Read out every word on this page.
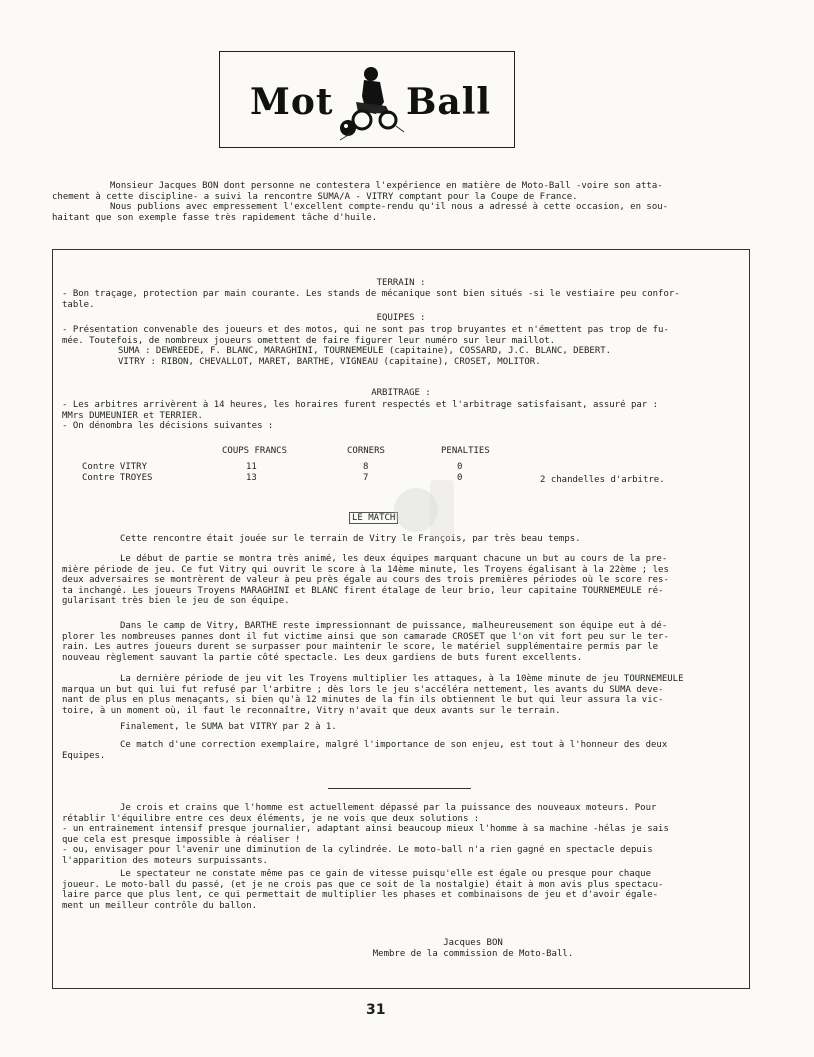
Mot Ball

Monsieur Jacques BON dont personne ne contestera l'expérience en matière de Moto-Ball -voire son atta-

chement à cette discipline- a suivi la rencontre SUMA/A - VITRY comptant pour la Coupe de France.

Nous publions avec empressement l'excellent compte-rendu qu'il nous a adressé à cette occasion, en sou-

haitant que son exemple fasse très rapidement tâche d'huile.

TERRAIN :

- Bon traçage, protection par main courante. Les stands de mécanique sont bien situés -si le vestiaire peu confor-

table.

EQUIPES :

- Présentation convenable des joueurs et des motos, qui ne sont pas trop bruyantes et n'émettent pas trop de fu-

mée. Toutefois, de nombreux joueurs omettent de faire figurer leur numéro sur leur maillot.

SUMA : DEWREEDE, F. BLANC, MARAGHINI, TOURNEMEULE (capitaine), COSSARD, J.C. BLANC, DEBERT.

VITRY : RIBON, CHEVALLOT, MARET, BARTHE, VIGNEAU (capitaine), CROSET, MOLITOR.

ARBITRAGE :

- Les arbitres arrivèrent à 14 heures, les horaires furent respectés et l'arbitrage satisfaisant, assuré par :

MMrs DUMEUNIER et TERRIER.

- On dénombra les décisions suivantes :

COUPS FRANCS	CORNERS	PENALTIES
Contre VITRY	11	8	0
Contre TROYES	13	7	0	2 chandelles d'arbitre.
LE MATCH

Cette rencontre était jouée sur le terrain de Vitry le François, par très beau temps.

Le début de partie se montra très animé, les deux équipes marquant chacune un but au cours de la pre-

mière période de jeu. Ce fut Vitry qui ouvrit le score à la 14ème minute, les Troyens égalisant à la 22ème ; les

deux adversaires se montrèrent de valeur à peu près égale au cours des trois premières périodes où le score res-

ta inchangé. Les joueurs Troyens MARAGHINI et BLANC firent étalage de leur brio, leur capitaine TOURNEMEULE ré-

gularisant très bien le jeu de son équipe.

Dans le camp de Vitry, BARTHE reste impressionnant de puissance, malheureusement son équipe eut à dé-

plorer les nombreuses pannes dont il fut victime ainsi que son camarade CROSET que l'on vit fort peu sur le ter-

rain. Les autres joueurs durent se surpasser pour maintenir le score, le matériel supplémentaire permis par le

nouveau règlement sauvant la partie côté spectacle. Les deux gardiens de buts furent excellents.

La dernière période de jeu vit les Troyens multiplier les attaques, à la 10ème minute de jeu TOURNEMEULE

marqua un but qui lui fut refusé par l'arbitre ; dès lors le jeu s'accéléra nettement, les avants du SUMA deve-

nant de plus en plus menaçants, si bien qu'à 12 minutes de la fin ils obtiennent le but qui leur assura la vic-

toire, à un moment où, il faut le reconnaître, Vitry n'avait que deux avants sur le terrain.

Finalement, le SUMA bat VITRY par 2 à 1.

Ce match d'une correction exemplaire, malgré l'importance de son enjeu, est tout à l'honneur des deux

Equipes.

Je crois et crains que l'homme est actuellement dépassé par la puissance des nouveaux moteurs. Pour

rétablir l'équilibre entre ces deux éléments, je ne vois que deux solutions :

- un entrainement intensif presque journalier, adaptant ainsi beaucoup mieux l'homme à sa machine -hélas je sais

que cela est presque impossible à réaliser !

- ou, envisager pour l'avenir une diminution de la cylindrée. Le moto-ball n'a rien gagné en spectacle depuis

l'apparition des moteurs surpuissants.

Le spectateur ne constate même pas ce gain de vitesse puisqu'elle est égale ou presque pour chaque

joueur. Le moto-ball du passé, (et je ne crois pas que ce soit de la nostalgie) était à mon avis plus spectacu-

laire parce que plus lent, ce qui permettait de multiplier les phases et combinaisons de jeu et d'avoir égale-

ment un meilleur contrôle du ballon.

Jacques BON
Membre de la commission de Moto-Ball.
31
